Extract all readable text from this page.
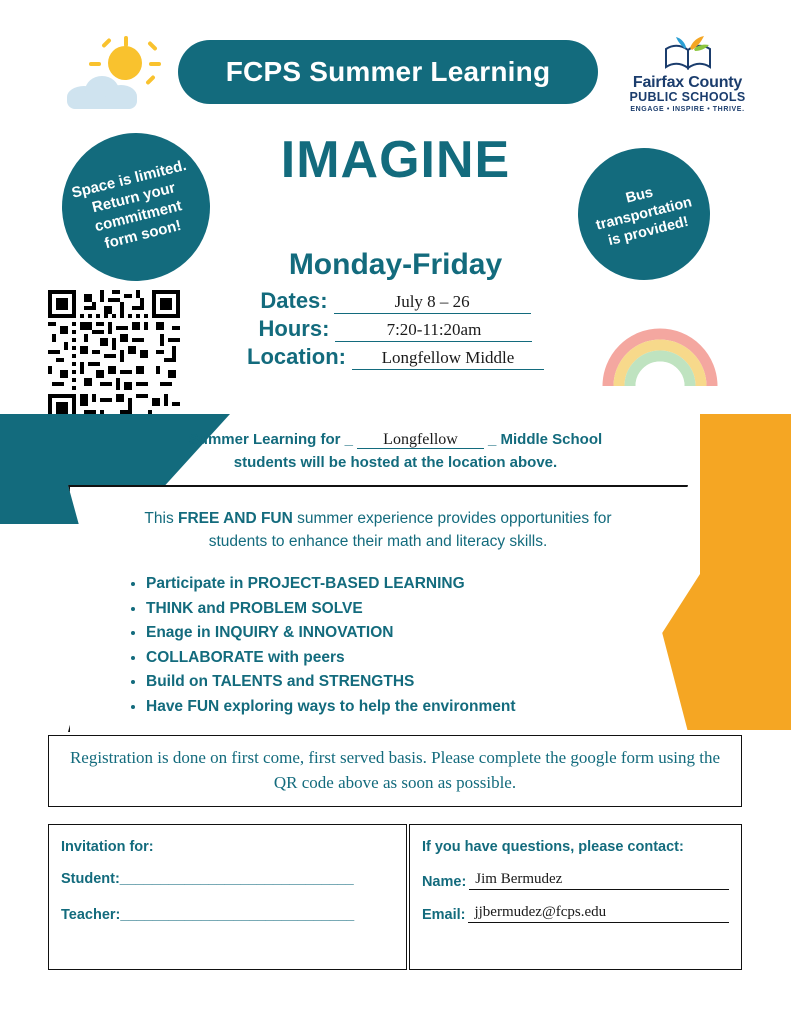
FCPS Summer Learning	Fairfax County
PUBLIC SCHOOLS
ENGAGE • INSPIRE • THRIVE.
IMAGINE
Space is limited. Return your commitment form soon!
Bus transportation is provided!
Monday-Friday
Dates:	July 8 – 26
Hours:	7:20-11:20am
Location:	Longfellow Middle
Summer Learning for _ Longfellow _ Middle School
students will be hosted at the location above.
This FREE AND FUN summer experience provides opportunities for students to enhance their math and literacy skills.
• Participate in PROJECT-BASED LEARNING
• THINK and PROBLEM SOLVE
• Enage in INQUIRY & INNOVATION
• COLLABORATE with peers
• Build on TALENTS and STRENGTHS
• Have FUN exploring ways to help the environment
Registration is done on first come, first served basis. Please complete the google form using the QR code above as soon as possible.
Invitation for:
Student:_____________________________
Teacher:_____________________________
If you have questions, please contact:
Name: Jim Bermudez
Email: jjbermudez@fcps.edu
